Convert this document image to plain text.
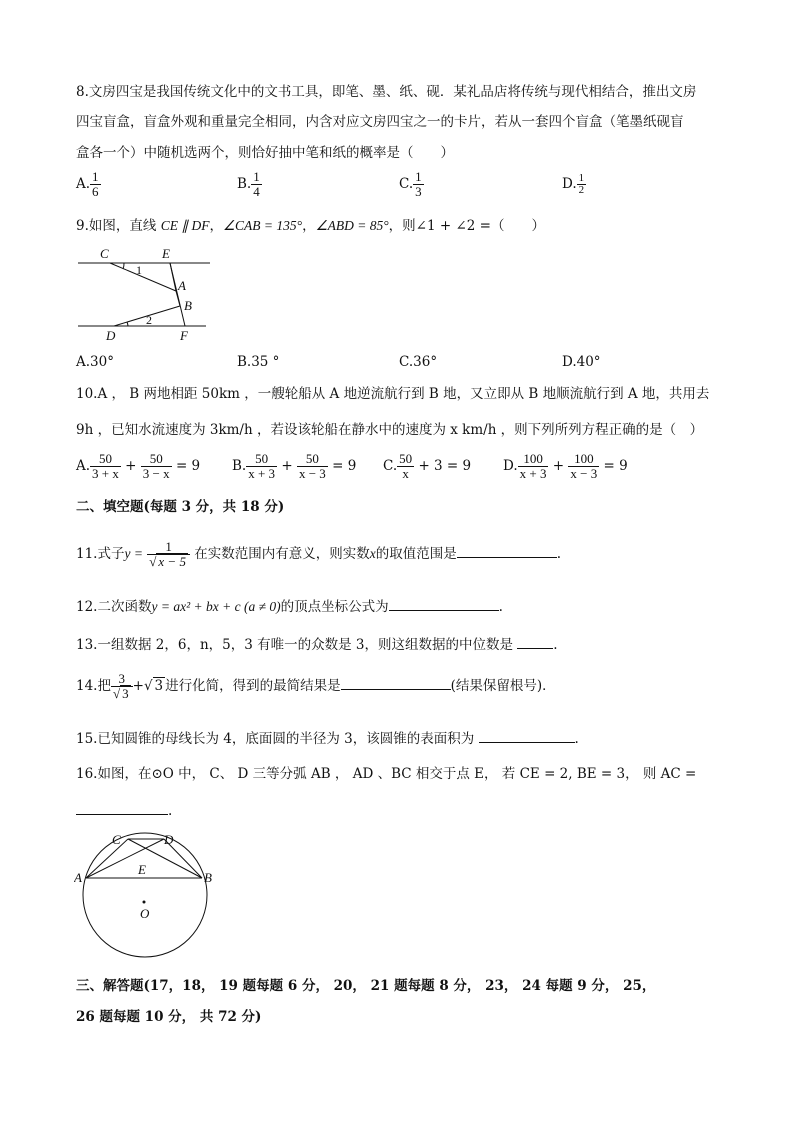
8.文房四宝是我国传统文化中的文书工具，即笔、墨、纸、砚．某礼品店将传统与现代相结合，推出文房
四宝盲盒，盲盒外观和重量完全相同，内含对应文房四宝之一的卡片，若从一套四个盲盒（笔墨纸砚盲
盒各一个）中随机选两个，则恰好抽中笔和纸的概率是（　　）
A. $\frac{1}{6}$	B. $\frac{1}{4}$	C. $\frac{1}{3}$	D. $\frac{1}{2}$
9.如图，直线 CE ∥ DF，∠CAB = 135°，∠ABD = 85°，则∠1 + ∠2 =（　　）
C	E
1
A
B
2
D	F
A.30°	B.35 °	C.36°	D.40°
10.A ， B 两地相距 50km ，一艘轮船从 A 地逆流航行到 B 地，又立即从 B 地顺流航行到 A 地，共用去
9h ，已知水流速度为 3km/h ，若设该轮船在静水中的速度为 x km/h ，则下列所列方程正确的是（　）
A. $\frac{50}{3 + x} + \frac{50}{3 - x} = 9$ B. $\frac{50}{x + 3} + \frac{50}{x - 3} = 9$ C. $\frac{50}{x} + 3 = 9$ D. $\frac{100}{x + 3} + \frac{100}{x - 3} = 9$
二、填空题(每题 3 分，共 18 分)
11.式子$y = \frac{1}{√ x - 5}$ 在实数范围内有意义，则实数x的取值范围是	.
12.二次函数y = ax² + bx + c (a ≠ 0)的顶点坐标公式为	.
13.一组数据 2，6，n，5，3 有唯一的众数是 3，则这组数据的中位数是	.
14.把 $\frac{3}{√ 3}$ +√ 3 进行化简，得到的最简结果是	(结果保留根号)．
15.已知圆锥的母线长为 4，底面圆的半径为 3，该圆锥的表面积为	.
16.如图，在⊙O 中， C、 D 三等分弧 AB ， AD 、BC 相交于点 E， 若 CE = 2, BE = 3， 则 AC =
.
C	D
E
A	B
O
三、解答题(17，18， 19 题每题 6 分， 20， 21 题每题 8 分， 23， 24 每题 9 分， 25，
26 题每题 10 分， 共 72 分)
